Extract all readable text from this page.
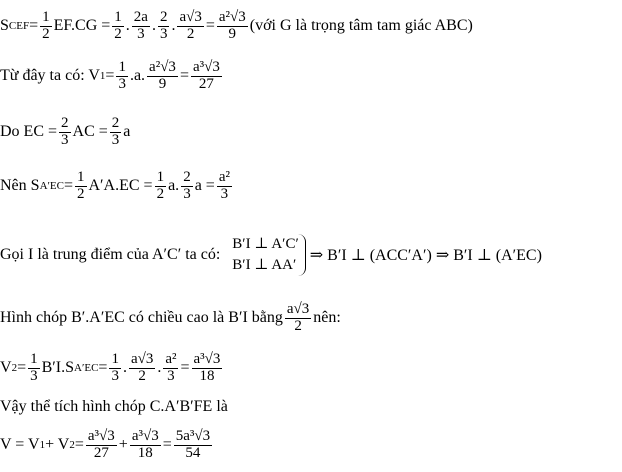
S CEF = $\frac{1}{2} EF.CG = \frac{1}{2}$ . $\frac{2a}{3}$ . $\frac{2}{3}$ . $\frac{a√3}{2} = \frac{\text{a²√3}}{9}$ (với G là trọng tâm tam giác ABC)
Từ đây ta có: V $1 = \frac{1}{3} .a$. $\frac{\text{a²√3}}{9} = \frac{\text{a³√3}}{27}$
Do EC = $\frac{2}{3}$ AC = $\frac{2}{3}$ a
Nên S $A'EC = \frac{1}{2} A'A.EC = \frac{1}{2} a$. $\frac{2}{3}$ $a = \frac{\text{a²}}{3}$
Gọi I là trung điểm của A′C′ ta có:
B′I ⊥ A′C′
B′I ⊥ AA′
⇒ B′I ⊥ (ACC′A′) ⇒ B′I ⊥ (A′EC)
Hình chóp B′.A′EC có chiều cao là B′I bằng $\frac{a√3}{2}$ nên:
V $2 = \frac{1}{3} B'I.S$ $A'EC = \frac{1}{3}$ . $\frac{a√3}{2}$ . $\frac{\text{a²}}{3} = \frac{\text{a³√3}}{18}$
Vậy thể tích hình chóp C.A′B′FE là
V = V 1 + V $2 = \frac{\text{a³√3}}{27} + \frac{\text{a³√3}}{18} = \frac{\text{5a³√3}}{54}$
